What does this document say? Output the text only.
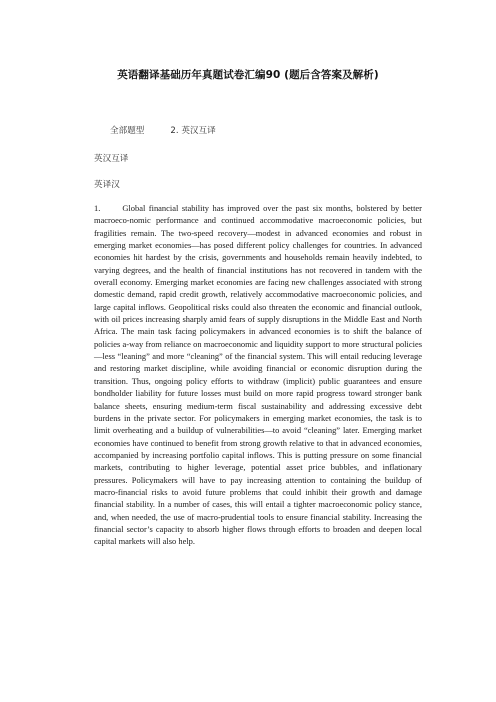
英语翻译基础历年真题试卷汇编90 (题后含答案及解析)
全部题型	2. 英汉互译
英汉互译
英译汉
1.	Global financial stability has improved over the past six months, bolstered by better macroeco-nomic performance and continued accommodative macroeconomic policies, but fragilities remain. The two-speed recovery—modest in advanced economies and robust in emerging market economies—has posed different policy challenges for countries. In advanced economies hit hardest by the crisis, governments and households remain heavily indebted, to varying degrees, and the health of financial institutions has not recovered in tandem with the overall economy. Emerging market economies are facing new challenges associated with strong domestic demand, rapid credit growth, relatively accommodative macroeconomic policies, and large capital inflows. Geopolitical risks could also threaten the economic and financial outlook, with oil prices increasing sharply amid fears of supply disruptions in the Middle East and North Africa. The main task facing policymakers in advanced economies is to shift the balance of policies a-way from reliance on macroeconomic and liquidity support to more structural policies—less “leaning” and more “cleaning” of the financial system. This will entail reducing leverage and restoring market discipline, while avoiding financial or economic disruption during the transition. Thus, ongoing policy efforts to withdraw (implicit) public guarantees and ensure bondholder liability for future losses must build on more rapid progress toward stronger bank balance sheets, ensuring medium-term fiscal sustainability and addressing excessive debt burdens in the private sector. For policymakers in emerging market economies, the task is to limit overheating and a buildup of vulnerabilities—to avoid “cleaning” later. Emerging market economies have continued to benefit from strong growth relative to that in advanced economies, accompanied by increasing portfolio capital inflows. This is putting pressure on some financial markets, contributing to higher leverage, potential asset price bubbles, and inflationary pressures. Policymakers will have to pay increasing attention to containing the buildup of macro-financial risks to avoid future problems that could inhibit their growth and damage financial stability. In a number of cases, this will entail a tighter macroeconomic policy stance, and, when needed, the use of macro-prudential tools to ensure financial stability. Increasing the financial sector’s capacity to absorb higher flows through efforts to broaden and deepen local capital markets will also help.
